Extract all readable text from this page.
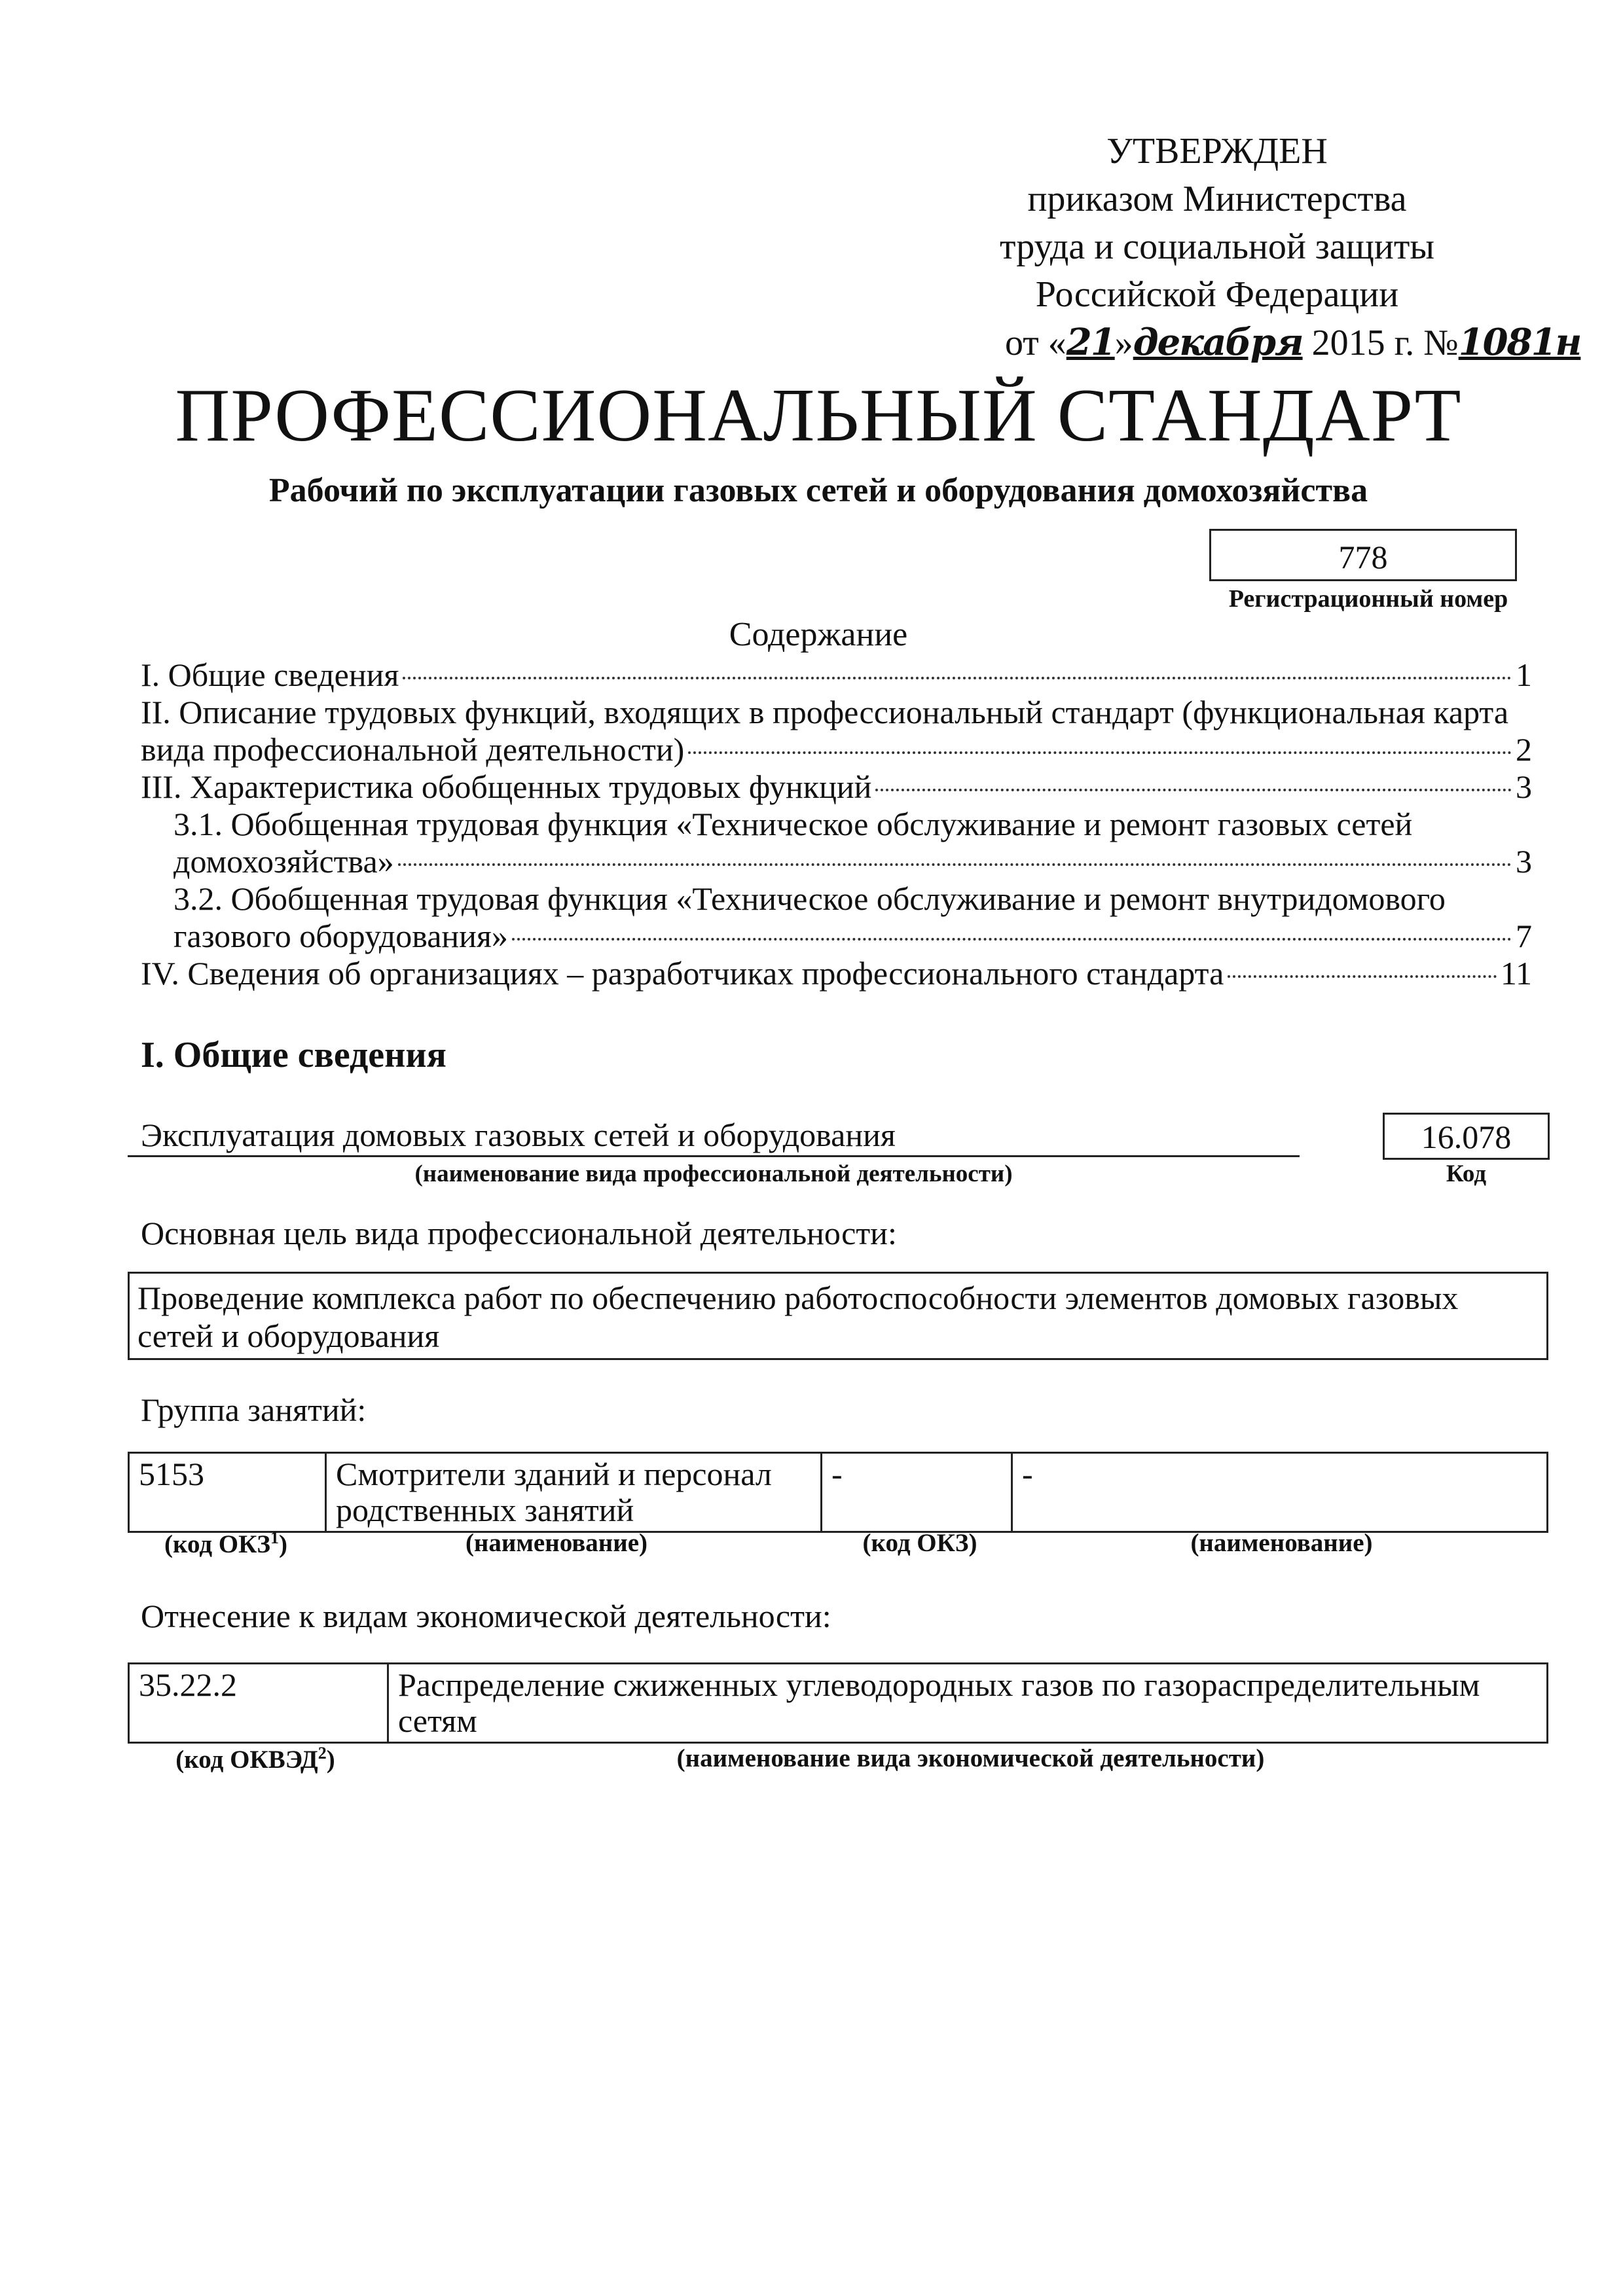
УТВЕРЖДЕН
приказом Министерства
труда и социальной защиты
Российской Федерации
от «21»декабря 2015 г. №1081н
ПРОФЕССИОНАЛЬНЫЙ СТАНДАРТ
Рабочий по эксплуатации газовых сетей и оборудования домохозяйства
778
Регистрационный номер
Содержание
I. Общие сведения	1
II. Описание трудовых функций, входящих в профессиональный стандарт (функциональная карта
вида профессиональной деятельности)	2
III. Характеристика обобщенных трудовых функций	3
3.1. Обобщенная трудовая функция «Техническое обслуживание и ремонт газовых сетей
домохозяйства»	3
3.2. Обобщенная трудовая функция «Техническое обслуживание и ремонт внутридомового
газового оборудования»	7
IV. Сведения об организациях – разработчиках профессионального стандарта	11
I. Общие сведения
Эксплуатация домовых газовых сетей и оборудования
(наименование вида профессиональной деятельности)
16.078
Код
Основная цель вида профессиональной деятельности:
Проведение комплекса работ по обеспечению работоспособности элементов домовых газовых сетей и оборудования
Группа занятий:
5153	Смотрители зданий и персонал родственных занятий	-	-
(код ОКЗ$^1$)	(наименование)	(код ОКЗ)	(наименование)
Отнесение к видам экономической деятельности:
35.22.2	Распределение сжиженных углеводородных газов по газораспределительным сетям
(код ОКВЭД$^2$)	(наименование вида экономической деятельности)
